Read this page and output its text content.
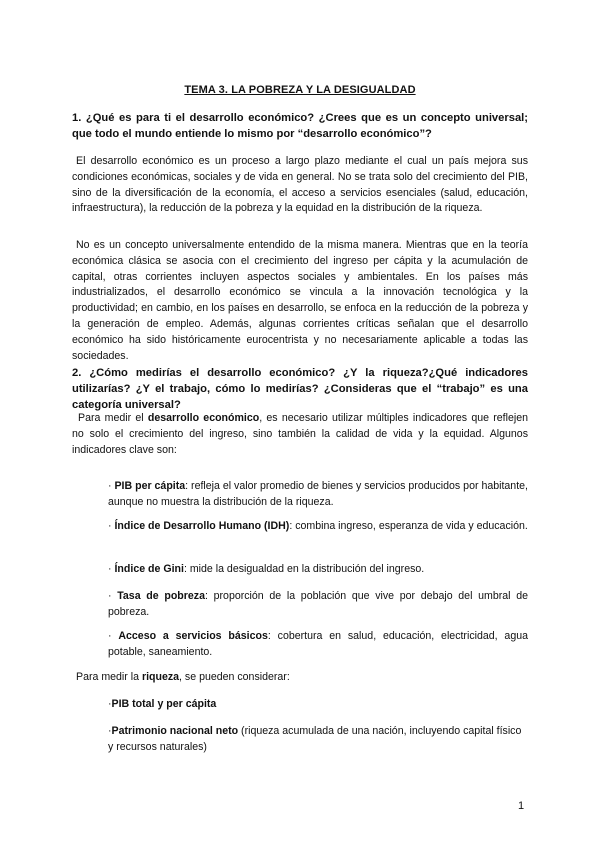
TEMA 3. LA POBREZA Y LA DESIGUALDAD
1. ¿Qué es para ti el desarrollo económico? ¿Crees que es un concepto universal; que todo el mundo entiende lo mismo por “desarrollo económico”?
El desarrollo económico es un proceso a largo plazo mediante el cual un país mejora sus condiciones económicas, sociales y de vida en general. No se trata solo del crecimiento del PIB, sino de la diversificación de la economía, el acceso a servicios esenciales (salud, educación, infraestructura), la reducción de la pobreza y la equidad en la distribución de la riqueza.
No es un concepto universalmente entendido de la misma manera. Mientras que en la teoría económica clásica se asocia con el crecimiento del ingreso per cápita y la acumulación de capital, otras corrientes incluyen aspectos sociales y ambientales. En los países más industrializados, el desarrollo económico se vincula a la innovación tecnológica y la productividad; en cambio, en los países en desarrollo, se enfoca en la reducción de la pobreza y la generación de empleo. Además, algunas corrientes críticas señalan que el desarrollo económico ha sido históricamente eurocentrista y no necesariamente aplicable a todas las sociedades.
2. ¿Cómo medirías el desarrollo económico? ¿Y la riqueza?¿Qué indicadores utilizarías? ¿Y el trabajo, cómo lo medirías? ¿Consideras que el “trabajo” es una categoría universal?
Para medir el desarrollo económico, es necesario utilizar múltiples indicadores que reflejen no solo el crecimiento del ingreso, sino también la calidad de vida y la equidad. Algunos indicadores clave son:
· PIB per cápita: refleja el valor promedio de bienes y servicios producidos por habitante, aunque no muestra la distribución de la riqueza.
· Índice de Desarrollo Humano (IDH): combina ingreso, esperanza de vida y educación.
· Índice de Gini: mide la desigualdad en la distribución del ingreso.
· Tasa de pobreza: proporción de la población que vive por debajo del umbral de pobreza.
· Acceso a servicios básicos: cobertura en salud, educación, electricidad, agua potable, saneamiento.
Para medir la riqueza, se pueden considerar:
·PIB total y per cápita
·Patrimonio nacional neto (riqueza acumulada de una nación, incluyendo capital físico y recursos naturales)
1
